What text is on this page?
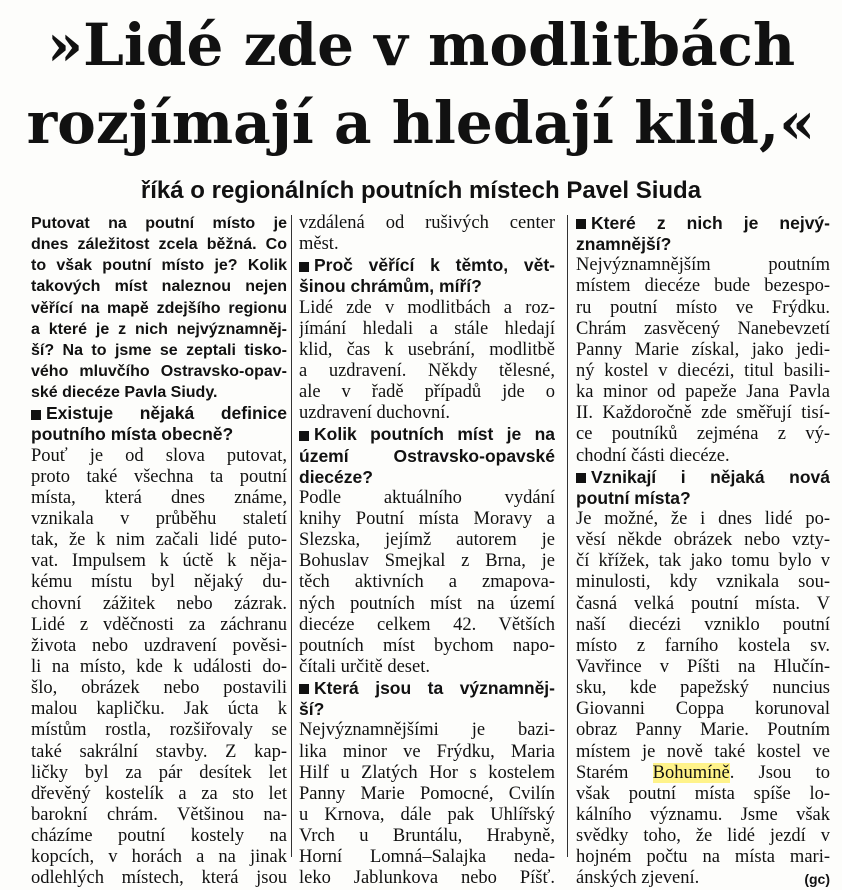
»Lidé zde v modlitbách
rozjímají a hledají klid,«
říká o regionálních poutních místech Pavel Siuda
Putovat na poutní místo je
dnes záležitost zcela běžná. Co
to však poutní místo je? Kolik
takových míst naleznou nejen
věřící na mapě zdejšího regionu
a které je z nich nejvýznamněj-
ší? Na to jsme se zeptali tisko-
vého mluvčího Ostravsko-opav-
ské diecéze Pavla Siudy.
Existuje nějaká definice
poutního místa obecně?
Pouť je od slova putovat,
proto také všechna ta poutní
místa, která dnes známe,
vznikala v průběhu staletí
tak, že k nim začali lidé puto-
vat. Impulsem k úctě k něja-
kému místu byl nějaký du-
chovní zážitek nebo zázrak.
Lidé z vděčnosti za záchranu
života nebo uzdravení pověsi-
li na místo, kde k události do-
šlo, obrázek nebo postavili
malou kapličku. Jak úcta k
místům rostla, rozšiřovaly se
také sakrální stavby. Z kap-
ličky byl za pár desítek let
dřevěný kostelík a za sto let
barokní chrám. Většinou na-
cházíme poutní kostely na
kopcích, v horách a na jinak
odlehlých místech, která jsou
vzdálená od rušivých center
měst.
Proč věřící k těmto, vět-
šinou chrámům, míří?
Lidé zde v modlitbách a roz-
jímání hledali a stále hledají
klid, čas k usebrání, modlitbě
a uzdravení. Někdy tělesné,
ale v řadě případů jde o
uzdravení duchovní.
Kolik poutních míst je na
území Ostravsko-opavské
diecéze?
Podle aktuálního vydání
knihy Poutní místa Moravy a
Slezska, jejímž autorem je
Bohuslav Smejkal z Brna, je
těch aktivních a zmapova-
ných poutních míst na území
diecéze celkem 42. Větších
poutních míst bychom napo-
čítali určitě deset.
Která jsou ta významněj-
ší?
Nejvýznamnějšími je bazi-
lika minor ve Frýdku, Maria
Hilf u Zlatých Hor s kostelem
Panny Marie Pomocné, Cvilín
u Krnova, dále pak Uhlířský
Vrch u Bruntálu, Hrabyně,
Horní Lomná–Salajka neda-
leko Jablunkova nebo Píšť.
Které z nich je nejvý-
znamnější?
Nejvýznamnějším poutním
místem diecéze bude bezespo-
ru poutní místo ve Frýdku.
Chrám zasvěcený Nanebevzetí
Panny Marie získal, jako jedi-
ný kostel v diecézi, titul basili-
ka minor od papeže Jana Pavla
II. Každoročně zde směřují tisí-
ce poutníků zejména z vý-
chodní části diecéze.
Vznikají i nějaká nová
poutní místa?
Je možné, že i dnes lidé po-
věsí někde obrázek nebo vzty-
čí křížek, tak jako tomu bylo v
minulosti, kdy vznikala sou-
časná velká poutní místa. V
naší diecézi vzniklo poutní
místo z farního kostela sv.
Vavřince v Píšti na Hlučín-
sku, kde papežský nuncius
Giovanni Coppa korunoval
obraz Panny Marie. Poutním
místem je nově také kostel ve
Starém Bohumíně. Jsou to
však poutní místa spíše lo-
kálního významu. Jsme však
svědky toho, že lidé jezdí v
hojném počtu na místa mari-
ánských zjevení.	(gc)
